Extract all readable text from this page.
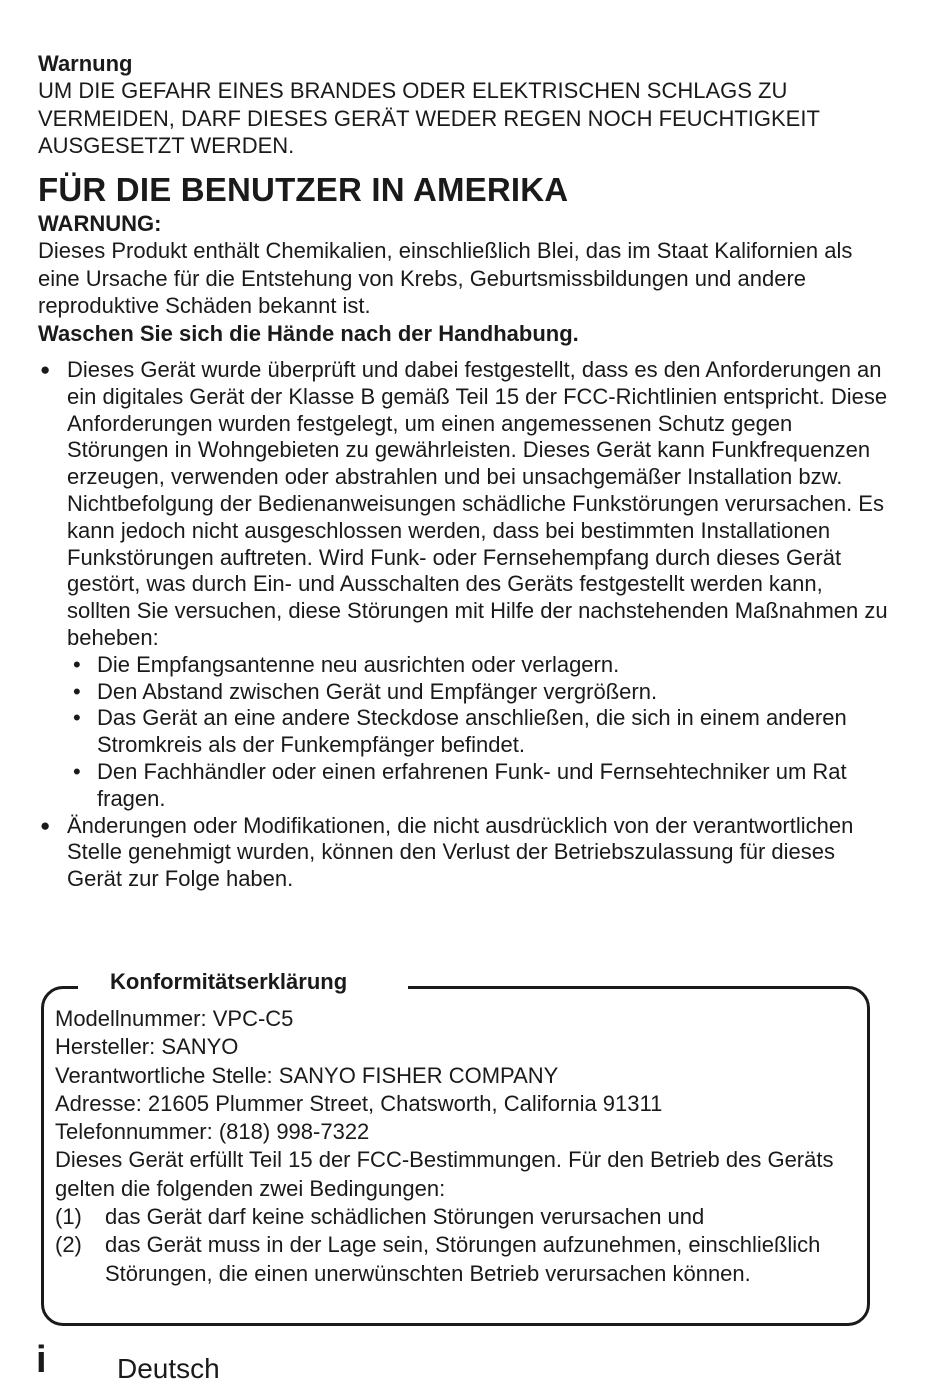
Warnung
UM DIE GEFAHR EINES BRANDES ODER ELEKTRISCHEN SCHLAGS ZU VERMEIDEN, DARF DIESES GERÄT WEDER REGEN NOCH FEUCHTIGKEIT AUSGESETZT WERDEN.
FÜR DIE BENUTZER IN AMERIKA
WARNUNG:
Dieses Produkt enthält Chemikalien, einschließlich Blei, das im Staat Kalifornien als eine Ursache für die Entstehung von Krebs, Geburtsmissbildungen und andere reproduktive Schäden bekannt ist.
Waschen Sie sich die Hände nach der Handhabung.
● Dieses Gerät wurde überprüft und dabei festgestellt, dass es den Anforderungen an ein digitales Gerät der Klasse B gemäß Teil 15 der FCC-Richtlinien entspricht. Diese Anforderungen wurden festgelegt, um einen angemessenen Schutz gegen Störungen in Wohngebieten zu gewährleisten. Dieses Gerät kann Funkfrequenzen erzeugen, verwenden oder abstrahlen und bei unsachgemäßer Installation bzw. Nichtbefolgung der Bedienanweisungen schädliche Funkstörungen verursachen. Es kann jedoch nicht ausgeschlossen werden, dass bei bestimmten Installationen Funkstörungen auftreten. Wird Funk- oder Fernsehempfang durch dieses Gerät gestört, was durch Ein- und Ausschalten des Geräts festgestellt werden kann, sollten Sie versuchen, diese Störungen mit Hilfe der nachstehenden Maßnahmen zu beheben:
• Die Empfangsantenne neu ausrichten oder verlagern.
• Den Abstand zwischen Gerät und Empfänger vergrößern.
• Das Gerät an eine andere Steckdose anschließen, die sich in einem anderen Stromkreis als der Funkempfänger befindet.
• Den Fachhändler oder einen erfahrenen Funk- und Fernsehtechniker um Rat fragen.
● Änderungen oder Modifikationen, die nicht ausdrücklich von der verantwortlichen Stelle genehmigt wurden, können den Verlust der Betriebszulassung für dieses Gerät zur Folge haben.
Konformitätserklärung
Modellnummer: VPC-C5
Hersteller: SANYO
Verantwortliche Stelle: SANYO FISHER COMPANY
Adresse: 21605 Plummer Street, Chatsworth, California 91311
Telefonnummer: (818) 998-7322
Dieses Gerät erfüllt Teil 15 der FCC-Bestimmungen. Für den Betrieb des Geräts gelten die folgenden zwei Bedingungen:
(1)	das Gerät darf keine schädlichen Störungen verursachen und
(2)	das Gerät muss in der Lage sein, Störungen aufzunehmen, einschließlich Störungen, die einen unerwünschten Betrieb verursachen können.
i	Deutsch
